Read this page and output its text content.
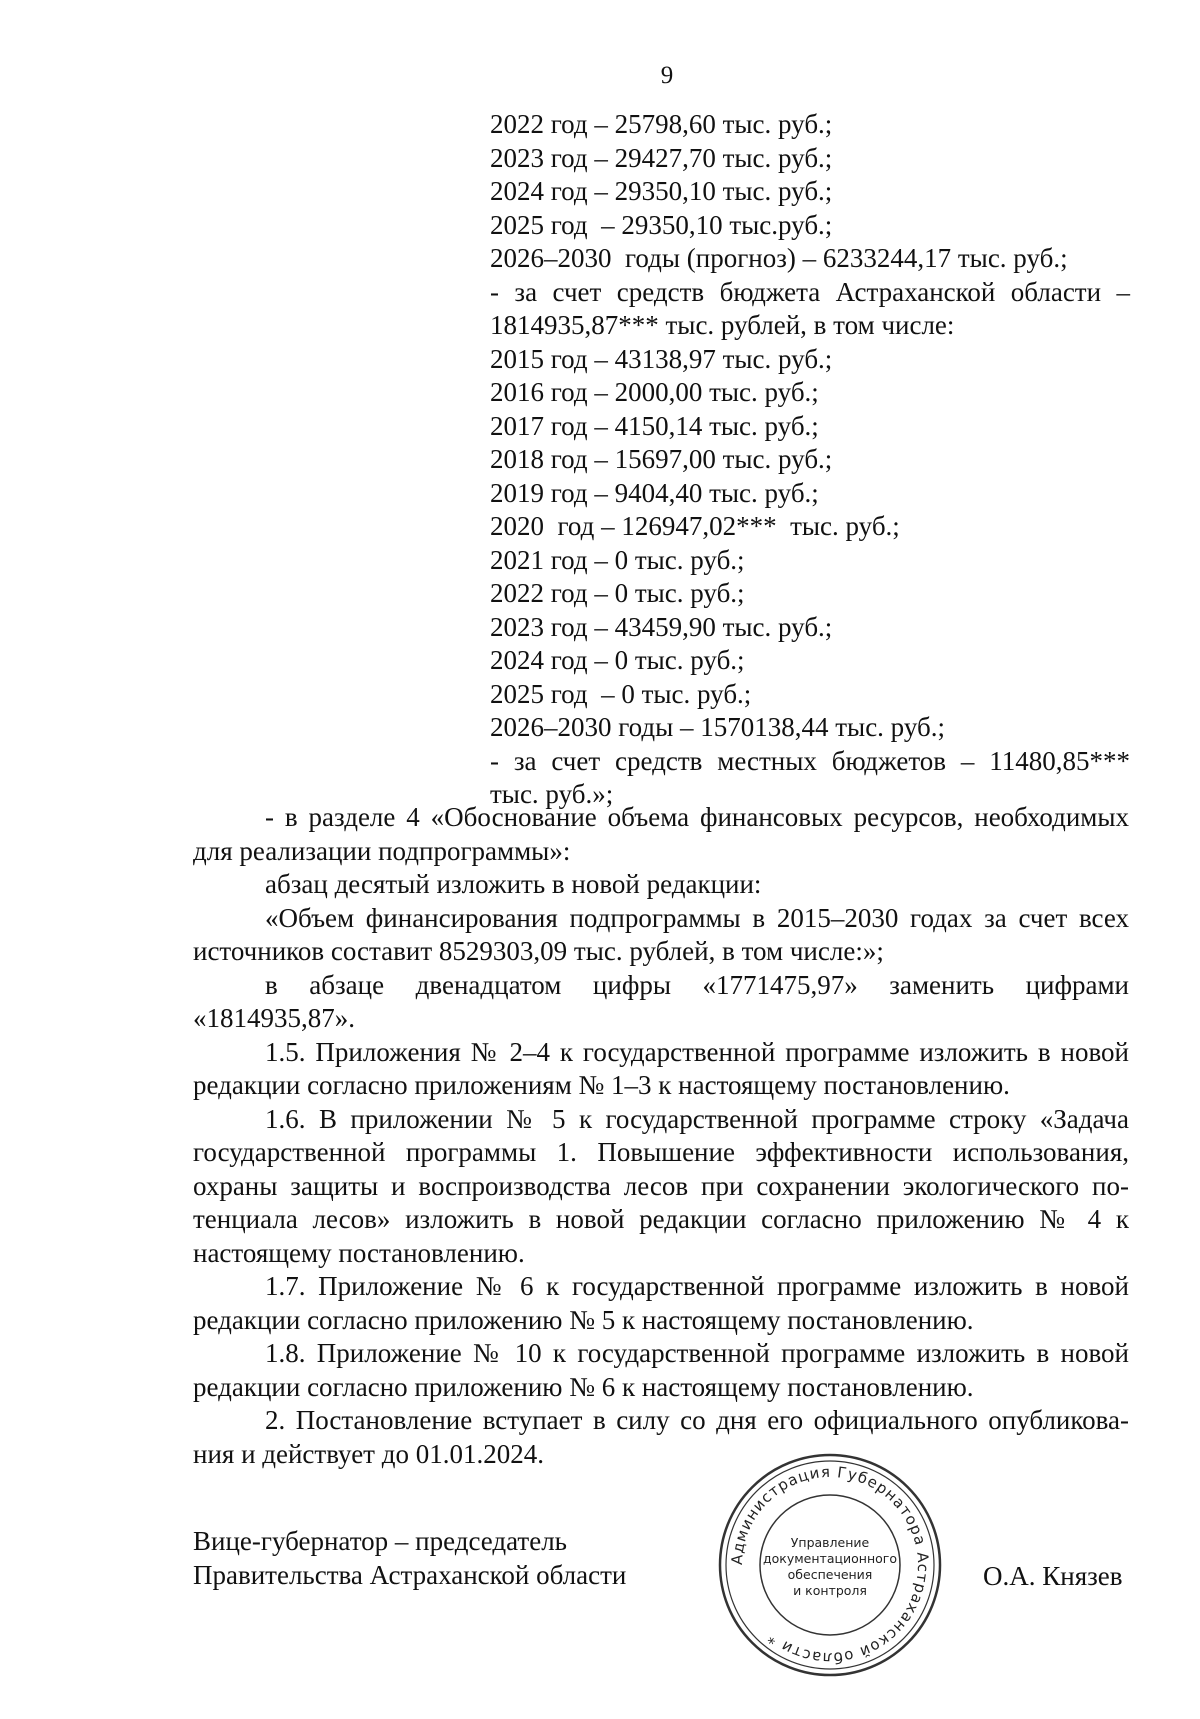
9
2022 год – 25798,60 тыс. руб.;
2023 год – 29427,70 тыс. руб.;
2024 год – 29350,10 тыс. руб.;
2025 год  – 29350,10 тыс.руб.;
2026–2030  годы (прогноз) – 6233244,17 тыс. руб.;
- за счет средств бюджета Астраханской области –
1814935,87*** тыс. рублей, в том числе:
2015 год – 43138,97 тыс. руб.;
2016 год – 2000,00 тыс. руб.;
2017 год – 4150,14 тыс. руб.;
2018 год – 15697,00 тыс. руб.;
2019 год – 9404,40 тыс. руб.;
2020  год – 126947,02***  тыс. руб.;
2021 год – 0 тыс. руб.;
2022 год – 0 тыс. руб.;
2023 год – 43459,90 тыс. руб.;
2024 год – 0 тыс. руб.;
2025 год  – 0 тыс. руб.;
2026–2030 годы – 1570138,44 тыс. руб.;
- за счет средств местных бюджетов – 11480,85***
тыс. руб.»;
- в разделе 4 «Обоснование объема финансовых ресурсов, необходимых
для реализации подпрограммы»:
абзац десятый изложить в новой редакции:
«Объем финансирования подпрограммы в 2015–2030 годах за счет всех
источников составит 8529303,09 тыс. рублей, в том числе:»;
в абзаце двенадцатом цифры «1771475,97» заменить цифрами
«1814935,87».
1.5. Приложения № 2–4 к государственной программе изложить в новой
редакции согласно приложениям № 1–3 к настоящему постановлению.
1.6. В приложении № 5 к государственной программе строку «Задача
государственной программы 1. Повышение эффективности использования,
охраны защиты и воспроизводства лесов при сохранении экологического по-
тенциала лесов» изложить в новой редакции согласно приложению № 4 к
настоящему постановлению.
1.7. Приложение № 6 к государственной программе изложить в новой
редакции согласно приложению № 5 к настоящему постановлению.
1.8. Приложение № 10 к государственной программе изложить в новой
редакции согласно приложению № 6 к настоящему постановлению.
2. Постановление вступает в силу со дня его официального опубликова-
ния и действует до 01.01.2024.
Вице-губернатор – председатель
Правительства Астраханской области	О.А. Князев
Администрация Губернатора Астраханской области *
Управление
документационного
обеспечения
и контроля
